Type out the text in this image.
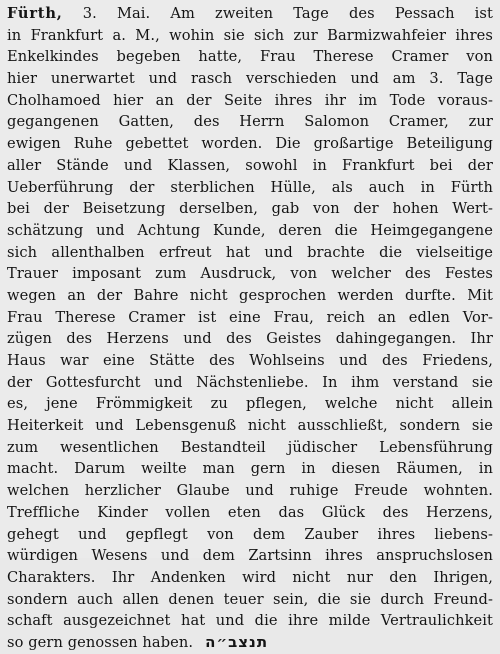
Fürth, 3. Mai. Am zweiten Tage des Pessach ist
in Frankfurt a. M., wohin sie sich zur Barmizwahfeier ihres
Enkelkindes begeben hatte, Frau Therese Cramer von
hier unerwartet und rasch verschieden und am 3. Tage
Cholhamoed hier an der Seite ihres ihr im Tode voraus-
gegangenen Gatten, des Herrn Salomon Cramer, zur
ewigen Ruhe gebettet worden. Die großartige Beteiligung
aller Stände und Klassen, sowohl in Frankfurt bei der
Ueberführung der sterblichen Hülle, als auch in Fürth
bei der Beisetzung derselben, gab von der hohen Wert-
schätzung und Achtung Kunde, deren die Heimgegangene
sich allenthalben erfreut hat und brachte die vielseitige
Trauer imposant zum Ausdruck, von welcher des Festes
wegen an der Bahre nicht gesprochen werden durfte. Mit
Frau Therese Cramer ist eine Frau, reich an edlen Vor-
zügen des Herzens und des Geistes dahingegangen. Ihr
Haus war eine Stätte des Wohlseins und des Friedens,
der Gottesfurcht und Nächstenliebe. In ihm verstand sie
es, jene Frömmigkeit zu pflegen, welche nicht allein
Heiterkeit und Lebensgenuß nicht ausschließt, sondern sie
zum wesentlichen Bestandteil jüdischer Lebensführung
macht. Darum weilte man gern in diesen Räumen, in
welchen herzlicher Glaube und ruhige Freude wohnten.
Treffliche Kinder vollen eten das Glück des Herzens,
gehegt und gepflegt von dem Zauber ihres liebens-
würdigen Wesens und dem Zartsinn ihres anspruchslosen
Charakters. Ihr Andenken wird nicht nur den Ihrigen,
sondern auch allen denen teuer sein, die sie durch Freund-
schaft ausgezeichnet hat und die ihre milde Vertraulichkeit
so gern genossen haben. תנצב״ה
